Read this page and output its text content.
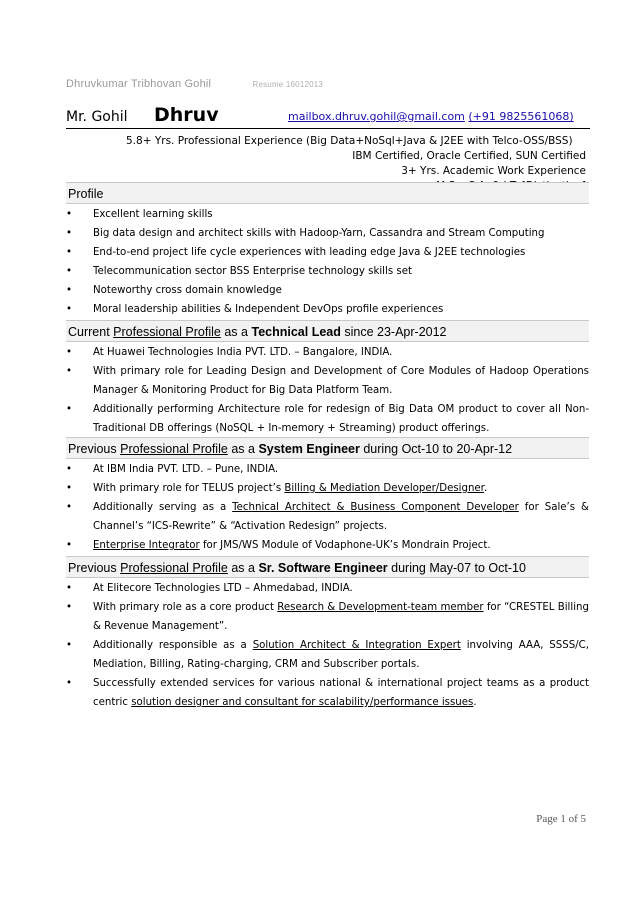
Dhruvkumar Tribhovan Gohil	Resume 16012013
Mr. Gohil Dhruv	mailbox.dhruv.gohil@gmail.com (+91 9825561068)
5.8+ Yrs. Professional Experience (Big Data+NoSql+Java & J2EE with Telco-OSS/BSS)
IBM Certified, Oracle Certified, SUN Certified
3+ Yrs. Academic Work Experience
Profile
• Excellent learning skills
• Big data design and architect skills with Hadoop-Yarn, Cassandra and Stream Computing
• End-to-end project life cycle experiences with leading edge Java & J2EE technologies
• Telecommunication sector BSS Enterprise technology skills set
• Noteworthy cross domain knowledge
• Moral leadership abilities & Independent DevOps profile experiences
Current Professional Profile as a Technical Lead since 23-Apr-2012
• At Huawei Technologies India PVT. LTD. – Bangalore, INDIA.
• With primary role for Leading Design and Development of Core Modules of Hadoop Operations Manager & Monitoring Product for Big Data Platform Team.
• Additionally performing Architecture role for redesign of Big Data OM product to cover all Non-Traditional DB offerings (NoSQL + In-memory + Streaming) product offerings.
Previous Professional Profile as a System Engineer during Oct-10 to 20-Apr-12
• At IBM India PVT. LTD. – Pune, INDIA.
• With primary role for TELUS project’s Billing & Mediation Developer/Designer.
• Additionally serving as a Technical Architect & Business Component Developer for Sale’s & Channel’s “ICS-Rewrite” & “Activation Redesign” projects.
• Enterprise Integrator for JMS/WS Module of Vodaphone-UK’s Mondrain Project.
Previous Professional Profile as a Sr. Software Engineer during May-07 to Oct-10
• At Elitecore Technologies LTD – Ahmedabad, INDIA.
• With primary role as a core product Research & Development-team member for “CRESTEL Billing & Revenue Management”.
• Additionally responsible as a Solution Architect & Integration Expert involving AAA, SSSS/C, Mediation, Billing, Rating-charging, CRM and Subscriber portals.
• Successfully extended services for various national & international project teams as a product centric solution designer and consultant for scalability/performance issues.
Page 1 of 5
